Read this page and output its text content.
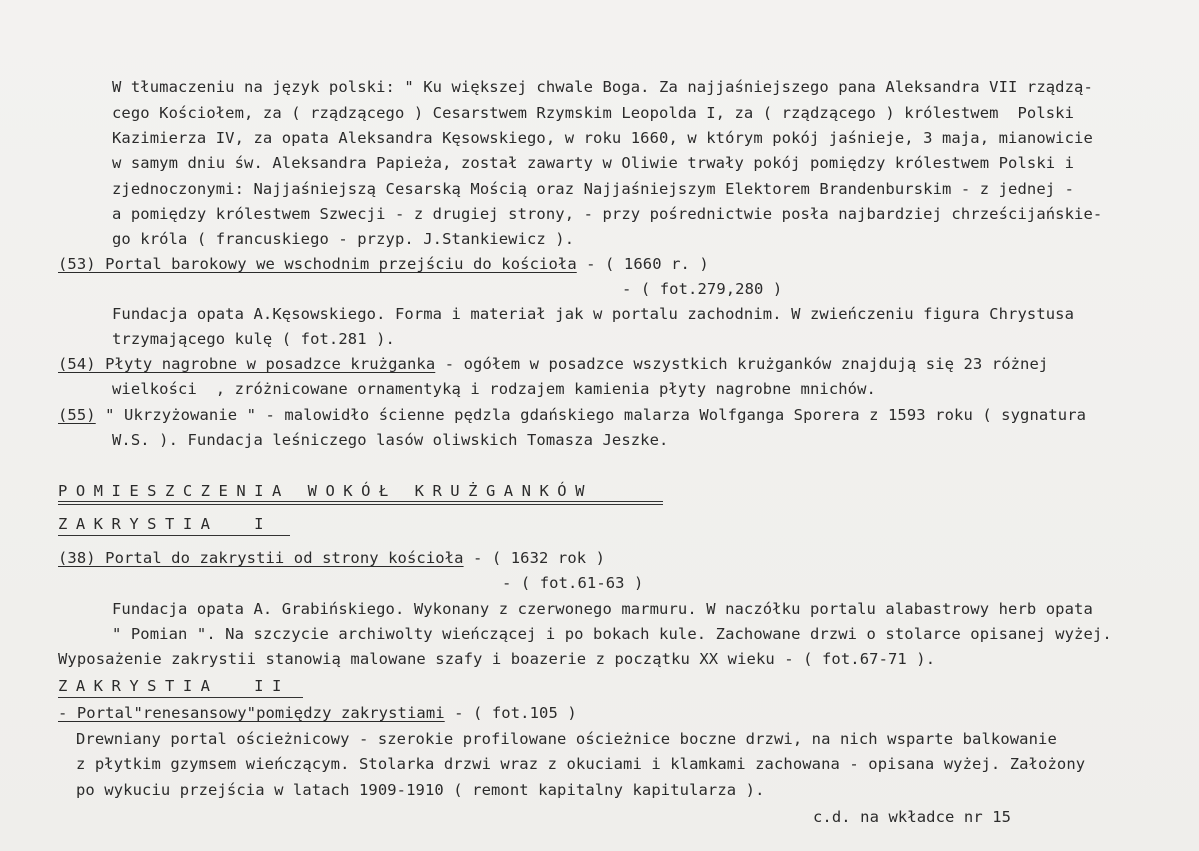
W tłumaczeniu na język polski: " Ku większej chwale Boga. Za najjaśniejszego pana Aleksandra VII rządzą-
cego Kościołem, za ( rządzącego ) Cesarstwem Rzymskim Leopolda I, za ( rządzącego ) królestwem  Polski
Kazimierza IV, za opata Aleksandra Kęsowskiego, w roku 1660, w którym pokój jaśnieje, 3 maja, mianowicie
w samym dniu św. Aleksandra Papieża, został zawarty w Oliwie trwały pokój pomiędzy królestwem Polski i
zjednoczonymi: Najjaśniejszą Cesarską Mością oraz Najjaśniejszym Elektorem Brandenburskim - z jednej -
a pomiędzy królestwem Szwecji - z drugiej strony, - przy pośrednictwie posła najbardziej chrześcijańskie-
go króla ( francuskiego - przyp. J.Stankiewicz ).
(53) Portal barokowy we wschodnim przejściu do kościoła - ( 1660 r. )
- ( fot.279,280 )
Fundacja opata A.Kęsowskiego. Forma i materiał jak w portalu zachodnim. W zwieńczeniu figura Chrystusa
trzymającego kulę ( fot.281 ).
(54) Płyty nagrobne w posadzce krużganka - ogółem w posadzce wszystkich krużganków znajdują się 23 różnej
wielkości  , zróżnicowane ornamentyką i rodzajem kamienia płyty nagrobne mnichów.
(55) " Ukrzyżowanie " - malowidło ścienne pędzla gdańskiego malarza Wolfganga Sporera z 1593 roku ( sygnatura
W.S. ). Fundacja leśniczego lasów oliwskich Tomasza Jeszke.
POMIESZCZENIA WOKÓŁ KRUŻGANKÓW
ZAKRYSTIA  I
(38) Portal do zakrystii od strony kościoła - ( 1632 rok )
- ( fot.61-63 )
Fundacja opata A. Grabińskiego. Wykonany z czerwonego marmuru. W naczółku portalu alabastrowy herb opata
" Pomian ". Na szczycie archiwolty wieńczącej i po bokach kule. Zachowane drzwi o stolarce opisanej wyżej.
Wyposażenie zakrystii stanowią malowane szafy i boazerie z początku XX wieku - ( fot.67-71 ).
ZAKRYSTIA  II
- Portal"renesansowy"pomiędzy zakrystiami - ( fot.105 )
Drewniany portal ościeżnicowy - szerokie profilowane ościeżnice boczne drzwi, na nich wsparte balkowanie
z płytkim gzymsem wieńczącym. Stolarka drzwi wraz z okuciami i klamkami zachowana - opisana wyżej. Założony
po wykuciu przejścia w latach 1909-1910 ( remont kapitalny kapitularza ).
c.d. na wkładce nr 15
